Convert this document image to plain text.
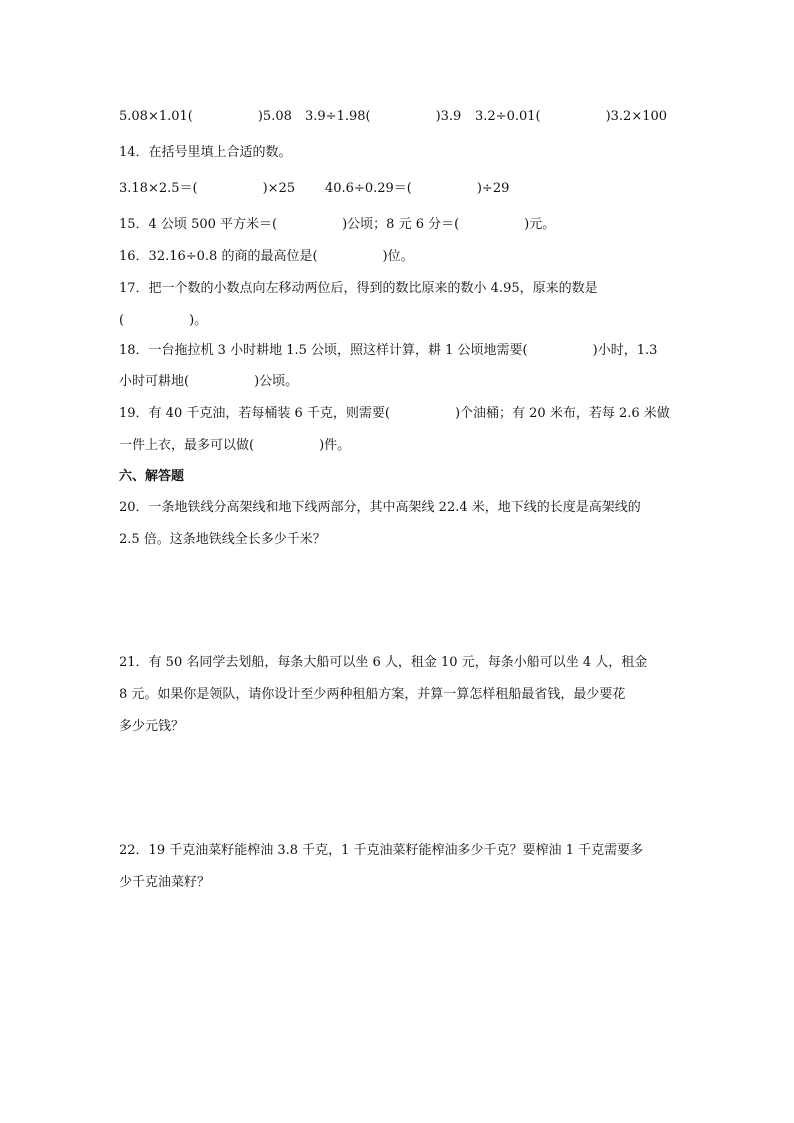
5.08×1.01(　　　　　)5.08 3.9÷1.98(　　　　　)3.9 3.2÷0.01(　　　　　)3.2×100
14．在括号里填上合适的数。
3.18×2.5＝(　　　　　)×25 40.6÷0.29＝(　　　　　)÷29
15．4 公顷 500 平方米＝(　　　　　)公顷；8 元 6 分＝(　　　　　)元。
16．32.16÷0.8 的商的最高位是(　　　　　)位。
17．把一个数的小数点向左移动两位后，得到的数比原来的数小 4.95，原来的数是
(　　　　　)。
18．一台拖拉机 3 小时耕地 1.5 公顷，照这样计算，耕 1 公顷地需要(　　　　　)小时，1.3
小时可耕地(　　　　　)公顷。
19．有 40 千克油，若每桶装 6 千克，则需要(　　　　　)个油桶；有 20 米布，若每 2.6 米做
一件上衣，最多可以做(　　　　　)件。
六、解答题
20．一条地铁线分高架线和地下线两部分，其中高架线 22.4 米，地下线的长度是高架线的
2.5 倍。这条地铁线全长多少千米？
21．有 50 名同学去划船，每条大船可以坐 6 人，租金 10 元，每条小船可以坐 4 人，租金
8 元。如果你是领队，请你设计至少两种租船方案，并算一算怎样租船最省钱，最少要花
多少元钱？
22．19 千克油菜籽能榨油 3.8 千克，1 千克油菜籽能榨油多少千克？要榨油 1 千克需要多
少千克油菜籽？
